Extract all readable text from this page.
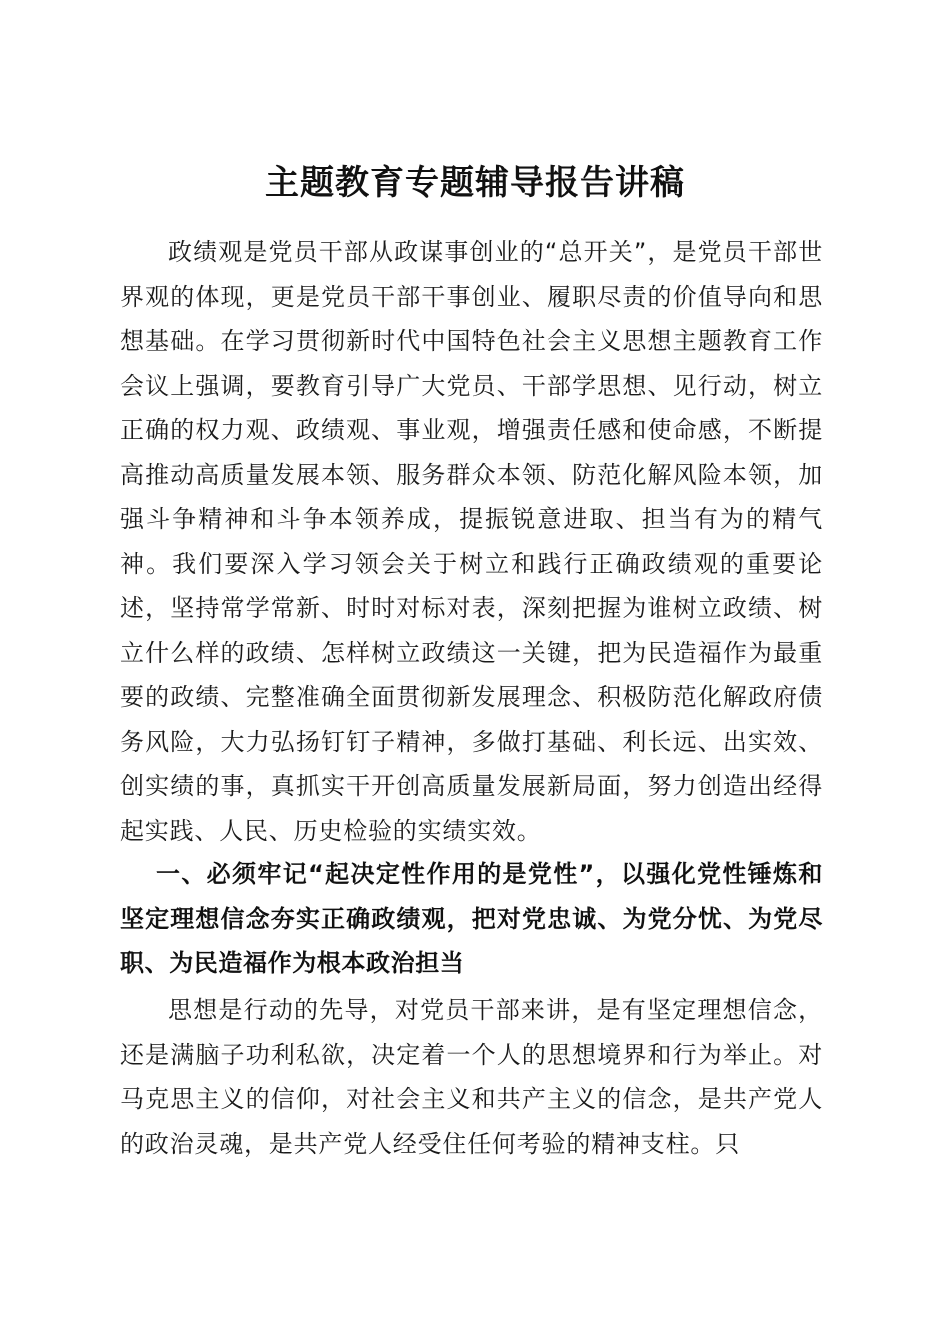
主题教育专题辅导报告讲稿

政绩观是党员干部从政谋事创业的“总开关”，是党员干部世界观的体现，更是党员干部干事创业、履职尽责的价值导向和思想基础。在学习贯彻新时代中国特色社会主义思想主题教育工作会议上强调，要教育引导广大党员、干部学思想、见行动，树立正确的权力观、政绩观、事业观，增强责任感和使命感，不断提高推动高质量发展本领、服务群众本领、防范化解风险本领，加强斗争精神和斗争本领养成，提振锐意进取、担当有为的精气神。我们要深入学习领会关于树立和践行正确政绩观的重要论述，坚持常学常新、时时对标对表，深刻把握为谁树立政绩、树立什么样的政绩、怎样树立政绩这一关键，把为民造福作为最重要的政绩、完整准确全面贯彻新发展理念、积极防范化解政府债务风险，大力弘扬钉钉子精神，多做打基础、利长远、出实效、创实绩的事，真抓实干开创高质量发展新局面，努力创造出经得起实践、人民、历史检验的实绩实效。

一、必须牢记“起决定性作用的是党性”，以强化党性锤炼和坚定理想信念夯实正确政绩观，把对党忠诚、为党分忧、为党尽职、为民造福作为根本政治担当

思想是行动的先导，对党员干部来讲，是有坚定理想信念，还是满脑子功利私欲，决定着一个人的思想境界和行为举止。对马克思主义的信仰，对社会主义和共产主义的信念，是共产党人的政治灵魂，是共产党人经受住任何考验的精神支柱。只
